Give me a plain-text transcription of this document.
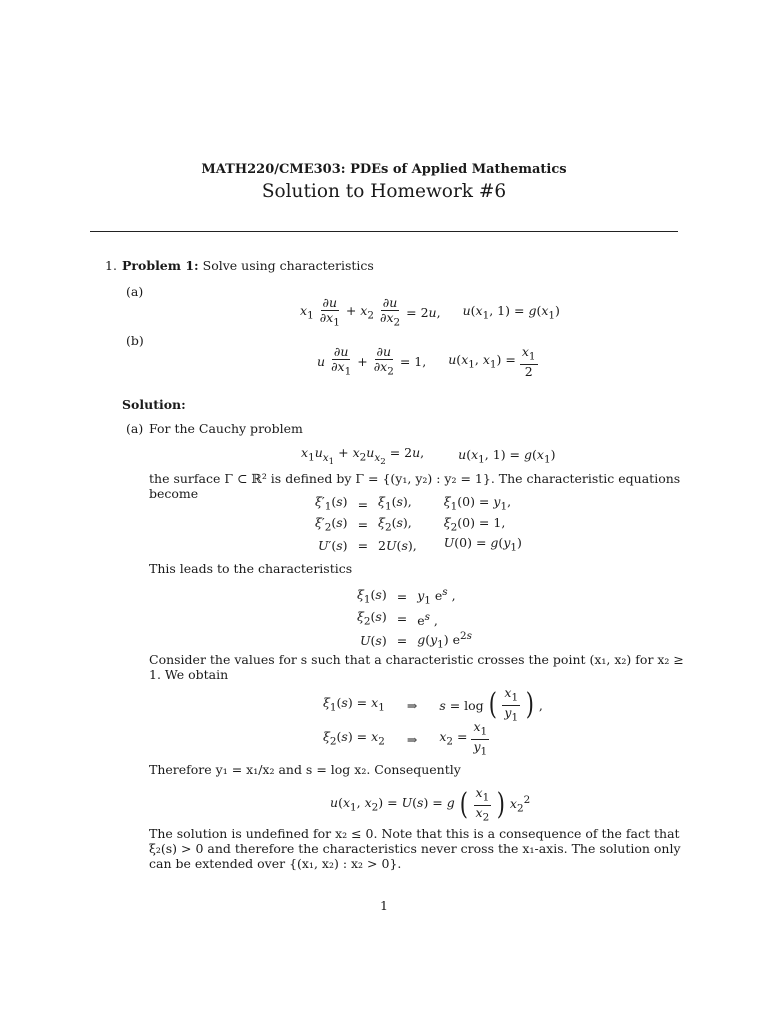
MATH220/CME303: PDEs of Applied Mathematics
Solution to Homework #6
1. Problem 1: Solve using characteristics
(a)
$x_1 \frac{\partial u}{\partial x_1} + x_2 \frac{\partial u}{\partial x_2} = 2u$, $u(x_1$, $1) = g(x_1)$
(b)
u $\frac{\partial u}{\partial x_1} + \frac{\partial u}{\partial x_2} = 1$, $u(x_1$, $x_1) = \frac{x_1}{2}$
Solution:
(a) For the Cauchy problem
$x_1u_{x_1} + x_2u_{x_2} = 2u$,	$u(x_1$, $1) = g(x_1)$
the surface Γ ⊂ ℝ² is defined by Γ = {(y₁, y₂) : y₂ = 1}. The characteristic equations become
$\xi'_1(s)$	=	$\xi_1(s)$,	$\xi_1(0) = y_1$,
$\xi'_2(s)$	=	$\xi_2(s)$,	$\xi_2(0) = 1$,
U′(s)	=	2U(s),	$U(0) = g(y_1)$
This leads to the characteristics
$\xi_1(s)$	=	$y_1$ $e^s$ ,
$\xi_2(s)$	=	$e^s$ ,
U(s)	=	$g(y_1)$ $e^{2s}$
Consider the values for s such that a characteristic crosses the point (x₁, x₂) for x₂ ≥ 1. We obtain
$\xi_1(s) = x_1$ ⇒ s = log ( $\frac{x_1}{y_1}$ ) ,
$\xi_2(s) = x_2$ ⇒ $x_2 = \frac{x_1}{y_1}$
Therefore y₁ = x₁/x₂ and s = log x₂. Consequently
$u(x_1$, $x_2) = U(s) = g$ ( $\frac{x_1}{x_2}$ ) $x_2^2$
The solution is undefined for x₂ ≤ 0. Note that this is a consequence of the fact that ξ₂(s) > 0 and therefore the characteristics never cross the x₁-axis. The solution only can be extended over {(x₁, x₂) : x₂ > 0}.
1
